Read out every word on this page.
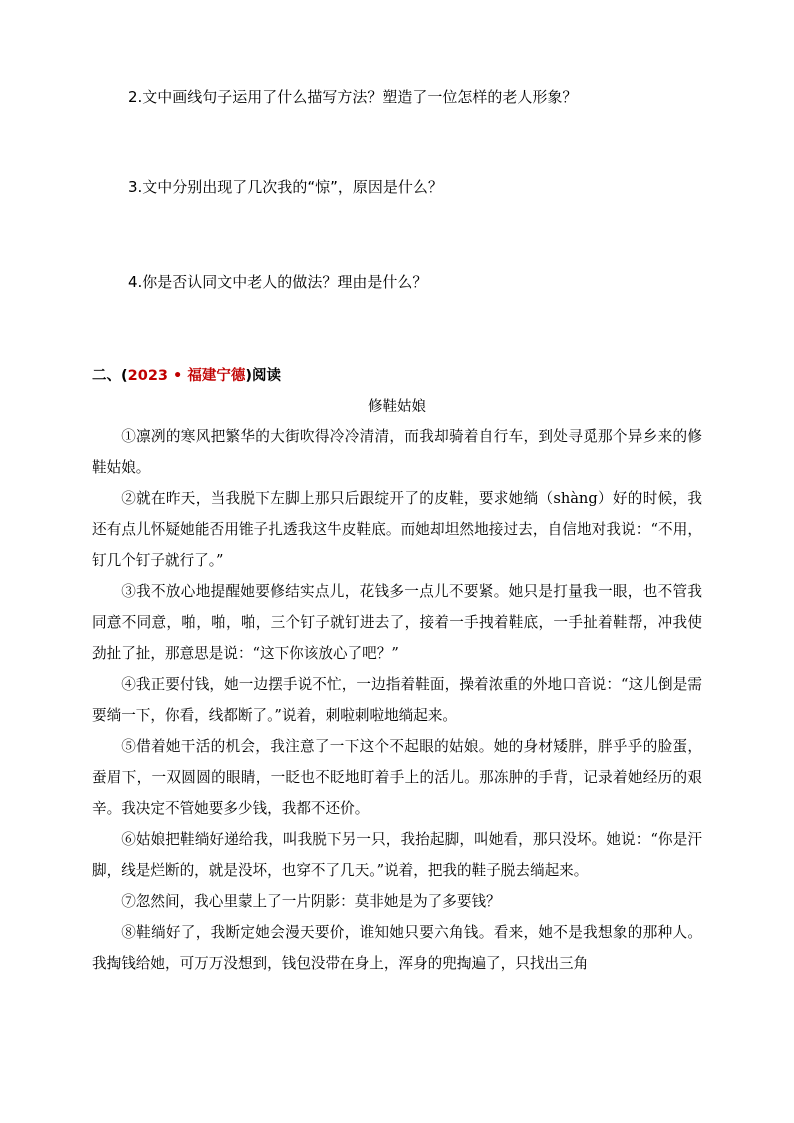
2.文中画线句子运用了什么描写方法？塑造了一位怎样的老人形象？
3.文中分别出现了几次我的“惊”，原因是什么？
4.你是否认同文中老人的做法？理由是什么？
二、(2023 • 福建宁德)阅读
修鞋姑娘

①凛冽的寒风把繁华的大街吹得冷冷清清，而我却骑着自行车，到处寻觅那个异乡来的修鞋姑娘。

②就在昨天，当我脱下左脚上那只后跟绽开了的皮鞋，要求她绱（shàng）好的时候，我还有点儿怀疑她能否用锥子扎透我这牛皮鞋底。而她却坦然地接过去，自信地对我说：“不用，钉几个钉子就行了。”

③我不放心地提醒她要修结实点儿，花钱多一点儿不要紧。她只是打量我一眼，也不管我同意不同意，啪，啪，啪，三个钉子就钉进去了，接着一手拽着鞋底，一手扯着鞋帮，冲我使劲扯了扯，那意思是说：“这下你该放心了吧？”

④我正要付钱，她一边摆手说不忙，一边指着鞋面，操着浓重的外地口音说：“这儿倒是需要绱一下，你看，线都断了。”说着，刺啦刺啦地绱起来。

⑤借着她干活的机会，我注意了一下这个不起眼的姑娘。她的身材矮胖，胖乎乎的脸蛋，蚕眉下，一双圆圆的眼睛，一眨也不眨地盯着手上的活儿。那冻肿的手背，记录着她经历的艰辛。我决定不管她要多少钱，我都不还价。

⑥姑娘把鞋绱好递给我，叫我脱下另一只，我抬起脚，叫她看，那只没坏。她说：“你是汗脚，线是烂断的，就是没坏，也穿不了几天。”说着，把我的鞋子脱去绱起来。

⑦忽然间，我心里蒙上了一片阴影：莫非她是为了多要钱？

⑧鞋绱好了，我断定她会漫天要价，谁知她只要六角钱。看来，她不是我想象的那种人。我掏钱给她，可万万没想到，钱包没带在身上，浑身的兜掏遍了，只找出三角
